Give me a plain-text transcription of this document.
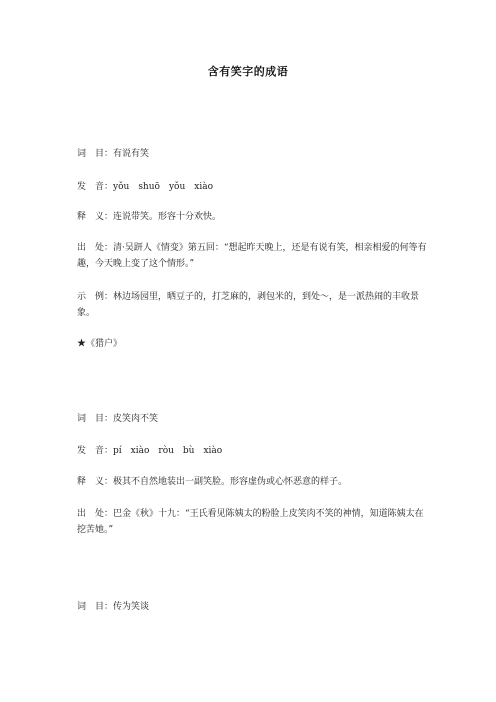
含有笑字的成语
词　目：有说有笑
发　音：yǒu　shuō　yǒu　xiào
释　义：连说带笑。形容十分欢快。
出　处：清·吴趼人《情变》第五回：“想起昨天晚上，还是有说有笑，相亲相爱的何等有趣，今天晚上变了这个情形。”
示　例：林边场园里，晒豆子的，打芝麻的，剥包米的，到处～，是一派热闹的丰收景象。
★《猎户》
词　目：皮笑肉不笑
发　音：pí　xiào　ròu　bù　xiào
释　义：极其不自然地装出一副笑脸。形容虚伪或心怀恶意的样子。
出　处：巴金《秋》十九：“王氏看见陈姨太的粉脸上皮笑肉不笑的神情，知道陈姨太在挖苦她。”
词　目：传为笑谈
